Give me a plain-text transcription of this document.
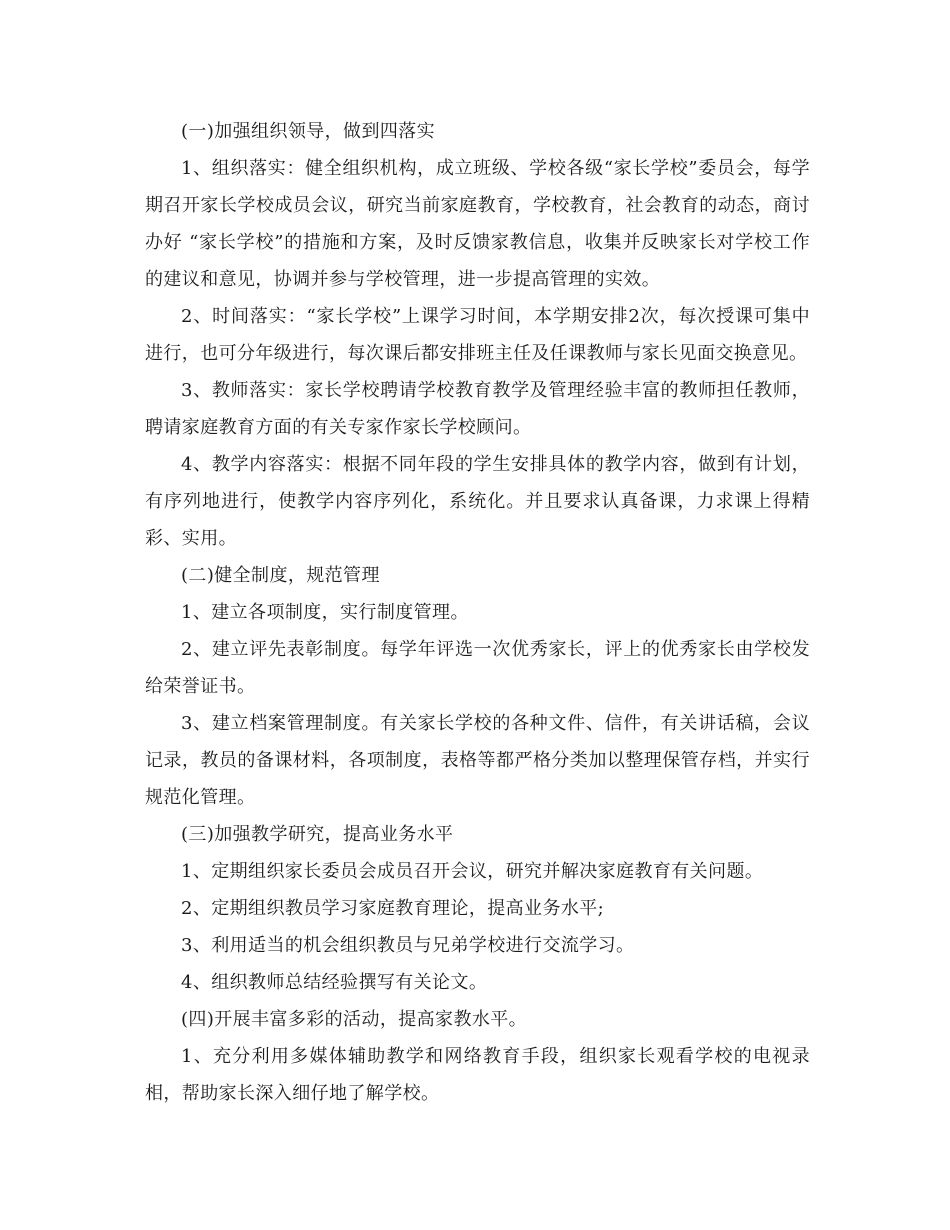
(一)加强组织领导，做到四落实

1、组织落实：健全组织机构，成立班级、学校各级“家长学校”委员会，每学期召开家长学校成员会议，研究当前家庭教育，学校教育，社会教育的动态，商讨办好 “家长学校”的措施和方案，及时反馈家教信息，收集并反映家长对学校工作的建议和意见，协调并参与学校管理，进一步提高管理的实效。

2、时间落实：“家长学校”上课学习时间，本学期安排2次，每次授课可集中进行，也可分年级进行，每次课后都安排班主任及任课教师与家长见面交换意见。

3、教师落实：家长学校聘请学校教育教学及管理经验丰富的教师担任教师，聘请家庭教育方面的有关专家作家长学校顾问。

4、教学内容落实：根据不同年段的学生安排具体的教学内容，做到有计划，有序列地进行，使教学内容序列化，系统化。并且要求认真备课，力求课上得精彩、实用。

(二)健全制度，规范管理

1、建立各项制度，实行制度管理。

2、建立评先表彰制度。每学年评选一次优秀家长，评上的优秀家长由学校发给荣誉证书。

3、建立档案管理制度。有关家长学校的各种文件、信件，有关讲话稿，会议记录，教员的备课材料，各项制度，表格等都严格分类加以整理保管存档，并实行规范化管理。

(三)加强教学研究，提高业务水平

1、定期组织家长委员会成员召开会议，研究并解决家庭教育有关问题。

2、定期组织教员学习家庭教育理论，提高业务水平;

3、利用适当的机会组织教员与兄弟学校进行交流学习。

4、组织教师总结经验撰写有关论文。

(四)开展丰富多彩的活动，提高家教水平。

1、充分利用多媒体辅助教学和网络教育手段，组织家长观看学校的电视录相，帮助家长深入细仔地了解学校。
